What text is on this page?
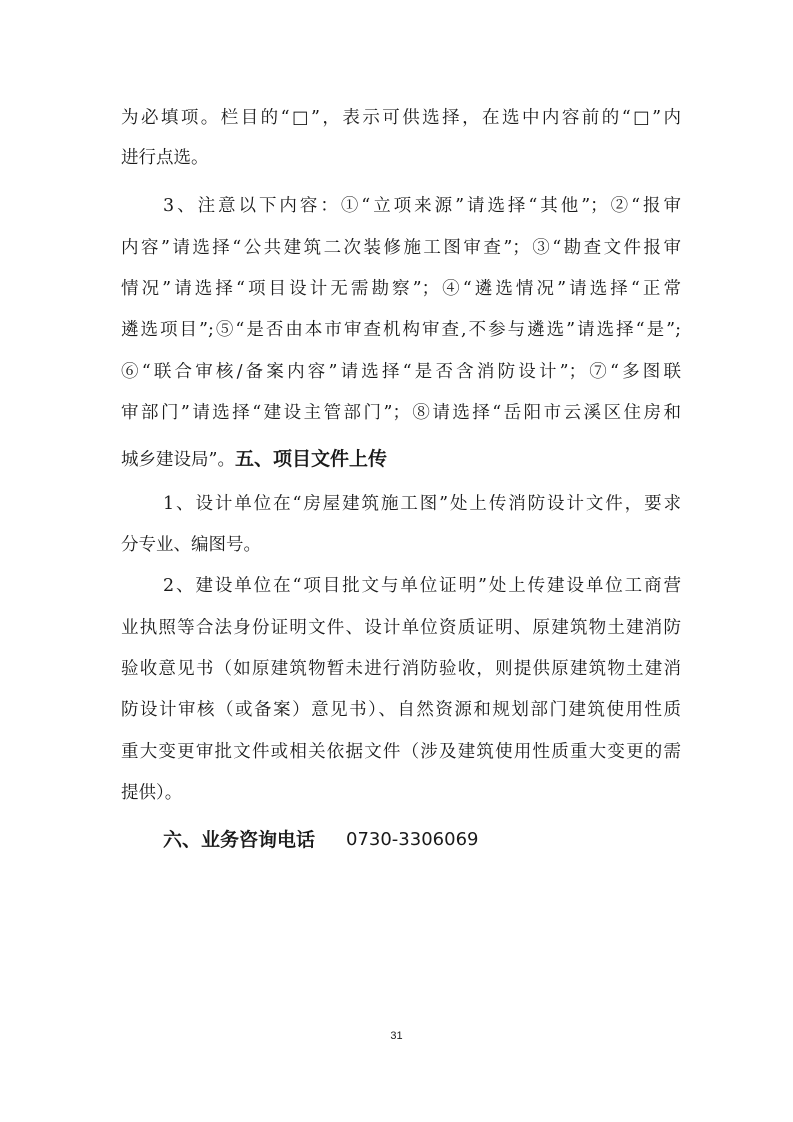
为必填项。栏目的“□”，表示可供选择，在选中内容前的“□”内
进行点选。
3、注意以下内容：①“立项来源”请选择“其他”；②“报审
内容”请选择“公共建筑二次装修施工图审查”；③“勘查文件报审
情况”请选择“项目设计无需勘察”；④“遴选情况”请选择“正常
遴选项目”;⑤“是否由本市审查机构审查,不参与遴选”请选择“是”;
⑥“联合审核/备案内容”请选择“是否含消防设计”；⑦“多图联
审部门”请选择“建设主管部门”；⑧请选择“岳阳市云溪区住房和
城乡建设局”。五、项目文件上传
1、设计单位在“房屋建筑施工图”处上传消防设计文件，要求
分专业、编图号。
2、建设单位在“项目批文与单位证明”处上传建设单位工商营
业执照等合法身份证明文件、设计单位资质证明、原建筑物土建消防
验收意见书（如原建筑物暂未进行消防验收，则提供原建筑物土建消
防设计审核（或备案）意见书）、自然资源和规划部门建筑使用性质
重大变更审批文件或相关依据文件（涉及建筑使用性质重大变更的需
提供）。
六、业务咨询电话 0730-3306069
31
